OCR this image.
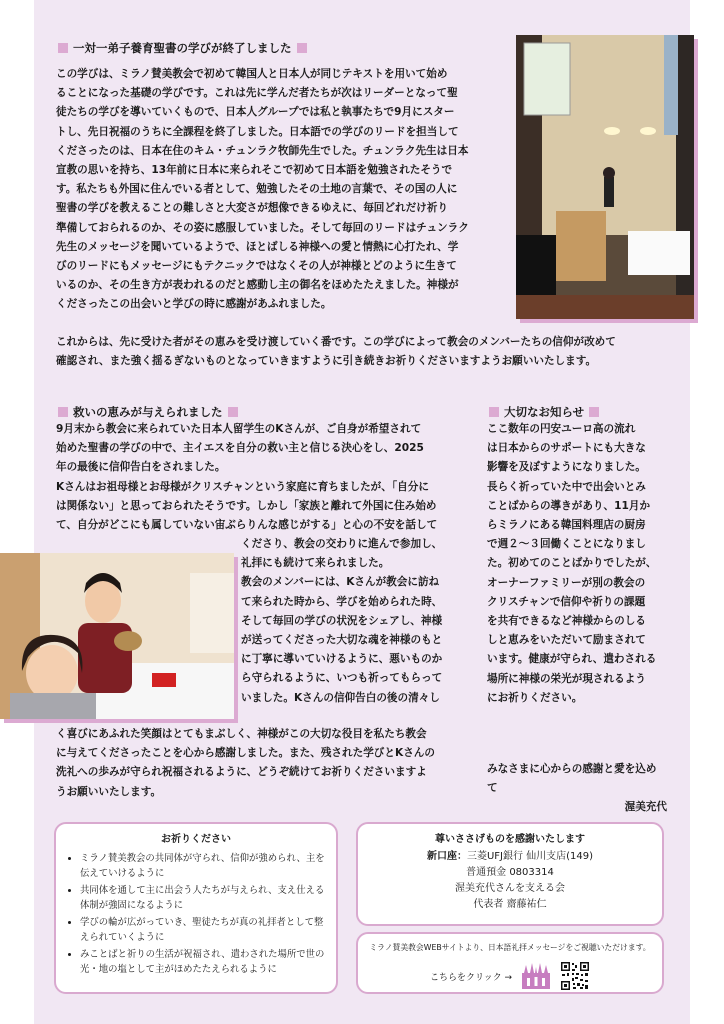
一対一弟子養育聖書の学びが終了しました

この学びは、ミラノ賛美教会で初めて韓国人と日本人が同じテキストを用いて始め

ることになった基礎の学びです。これは先に学んだ者たちが次はリーダーとなって聖

徒たちの学びを導いていくもので、日本人グループでは私と執事たちで9月にスター

トし、先日祝福のうちに全課程を終了しました。日本語での学びのリードを担当して

くださったのは、日本在住のキム・チュンラク牧師先生でした。チュンラク先生は日本

宣教の思いを持ち、13年前に日本に来られそこで初めて日本語を勉強されたそうで

す。私たちも外国に住んでいる者として、勉強したその土地の言葉で、その国の人に

聖書の学びを教えることの難しさと大変さが想像できるゆえに、毎回どれだけ祈り

準備しておられるのか、その姿に感服していました。そして毎回のリードはチュンラク

先生のメッセージを聞いているようで、ほとばしる神様への愛と情熱に心打たれ、学

びのリードにもメッセージにもテクニックではなくその人が神様とどのように生きて

いるのか、その生き方が表われるのだと感動し主の御名をほめたたえました。神様が

くださったこの出会いと学びの時に感謝があふれました。

これからは、先に受けた者がその恵みを受け渡していく番です。この学びによって教会のメンバーたちの信仰が改めて

確認され、また強く揺るぎないものとなっていきますように引き続きお祈りくださいますようお願いいたします。

救いの恵みが与えられました

9月末から教会に来られていた日本人留学生のKさんが、ご自身が希望されて

始めた聖書の学びの中で、主イエスを自分の救い主と信じる決心をし、2025

年の最後に信仰告白をされました。

Kさんはお祖母様とお母様がクリスチャンという家庭に育ちましたが、「自分に

は関係ない」と思っておられたそうです。しかし「家族と離れて外国に住み始め

て、自分がどこにも属していない宙ぶらりんな感じがする」と心の不安を話して

くださり、教会の交わりに進んで参加し、

礼拝にも続けて来られました。

教会のメンバーには、Kさんが教会に訪ね

て来られた時から、学びを始められた時、

そして毎回の学びの状況をシェアし、神様

が送ってくださった大切な魂を神様のもと

に丁寧に導いていけるように、悪いものか

ら守られるように、いつも祈ってもらって

いました。Kさんの信仰告白の後の清々し

く喜びにあふれた笑顔はとてもまぶしく、神様がこの大切な役目を私たち教会

に与えてくださったことを心から感謝しました。また、残された学びとKさんの

洗礼への歩みが守られ祝福されるように、どうぞ続けてお祈りくださいますよ

うお願いいたします。

大切なお知らせ

ここ数年の円安ユーロ高の流れ

は日本からのサポートにも大きな

影響を及ぼすようになりました。

長らく祈っていた中で出会いとみ

ことばからの導きがあり、11月か

らミラノにある韓国料理店の厨房

で週２～３回働くことになりまし

た。初めてのことばかりでしたが、

オーナーファミリーが別の教会の

クリスチャンで信仰や祈りの課題

を共有できるなど神様からのしる

しと恵みをいただいて励まされて

います。健康が守られ、遣わされる

場所に神様の栄光が現されるよう

にお祈りください。

みなさまに心からの感謝と愛を込めて

渥美充代

お祈りください
• ミラノ賛美教会の共同体が守られ、信仰が強められ、主を伝えていけるように
• 共同体を通して主に出会う人たちが与えられ、支え仕える体制が強固になるように
• 学びの輪が広がっていき、聖徒たちが真の礼拝者として整えられていくように
• みことばと祈りの生活が祝福され、遣わされた場所で世の光・地の塩として主がほめたたえられるように
尊いささげものを感謝いたします
新口座：三菱UFJ銀行 仙川支店(149)
普通預金 0803314
渥美充代さんを支える会
代表者 齋藤祐仁
ミラノ賛美教会WEBサイトより、日本語礼拝メッセージをご視聴いただけます。
こちらをクリック →
